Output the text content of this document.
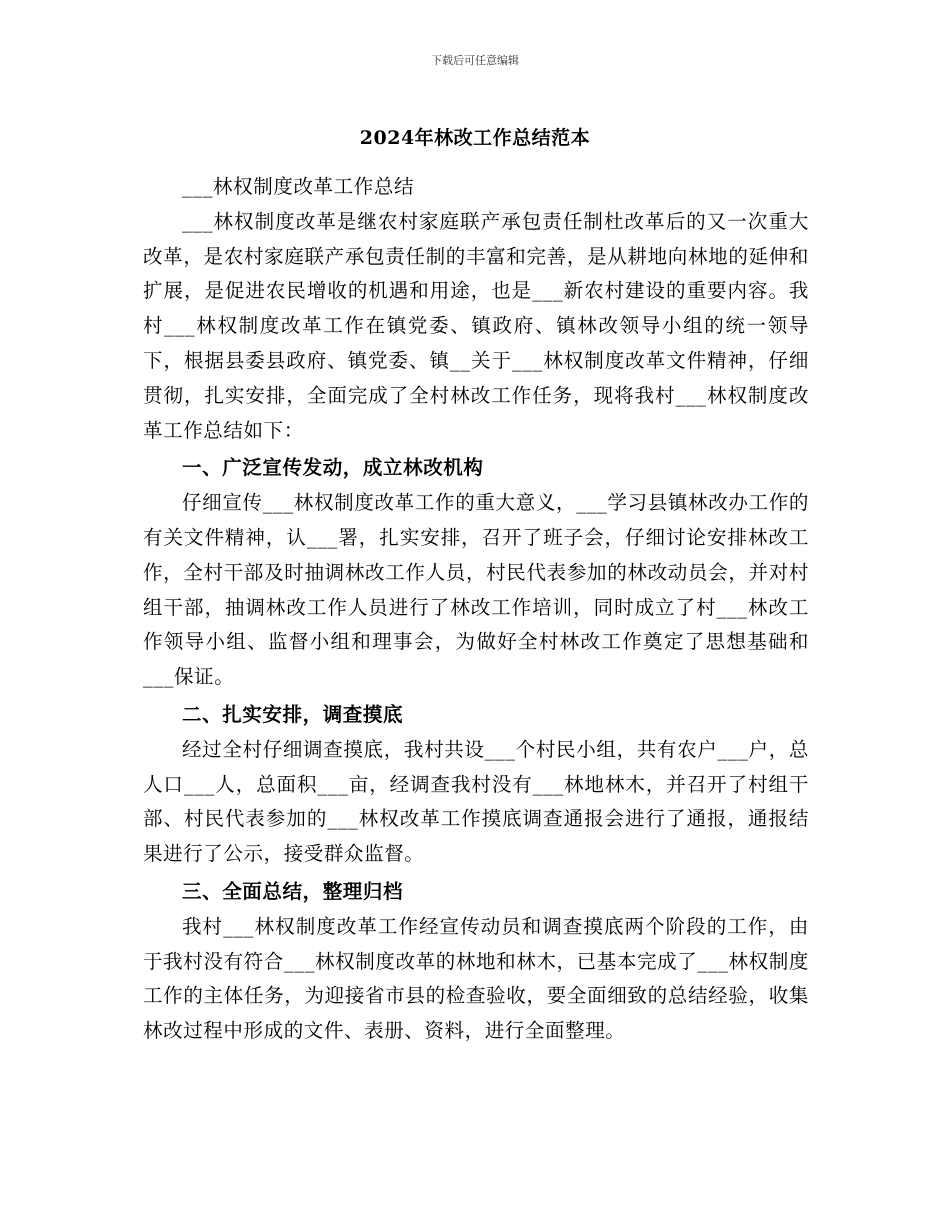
下载后可任意编辑
2024年林改工作总结范本

___林权制度改革工作总结

___林权制度改革是继农村家庭联产承包责任制杜改革后的又一次重大改革，是农村家庭联产承包责任制的丰富和完善，是从耕地向林地的延伸和扩展，是促进农民增收的机遇和用途，也是___新农村建设的重要内容。我村___林权制度改革工作在镇党委、镇政府、镇林改领导小组的统一领导下，根据县委县政府、镇党委、镇__关于___林权制度改革文件精神，仔细贯彻，扎实安排，全面完成了全村林改工作任务，现将我村___林权制度改革工作总结如下：

一、广泛宣传发动，成立林改机构

仔细宣传___林权制度改革工作的重大意义，___学习县镇林改办工作的有关文件精神，认___署，扎实安排，召开了班子会，仔细讨论安排林改工作，全村干部及时抽调林改工作人员，村民代表参加的林改动员会，并对村组干部，抽调林改工作人员进行了林改工作培训，同时成立了村___林改工作领导小组、监督小组和理事会，为做好全村林改工作奠定了思想基础和___保证。

二、扎实安排，调查摸底

经过全村仔细调查摸底，我村共设___个村民小组，共有农户___户，总人口___人，总面积___亩，经调查我村没有___林地林木，并召开了村组干部、村民代表参加的___林权改革工作摸底调查通报会进行了通报，通报结果进行了公示，接受群众监督。

三、全面总结，整理归档

我村___林权制度改革工作经宣传动员和调查摸底两个阶段的工作，由于我村没有符合___林权制度改革的林地和林木，已基本完成了___林权制度工作的主体任务，为迎接省市县的检查验收，要全面细致的总结经验，收集林改过程中形成的文件、表册、资料，进行全面整理。
